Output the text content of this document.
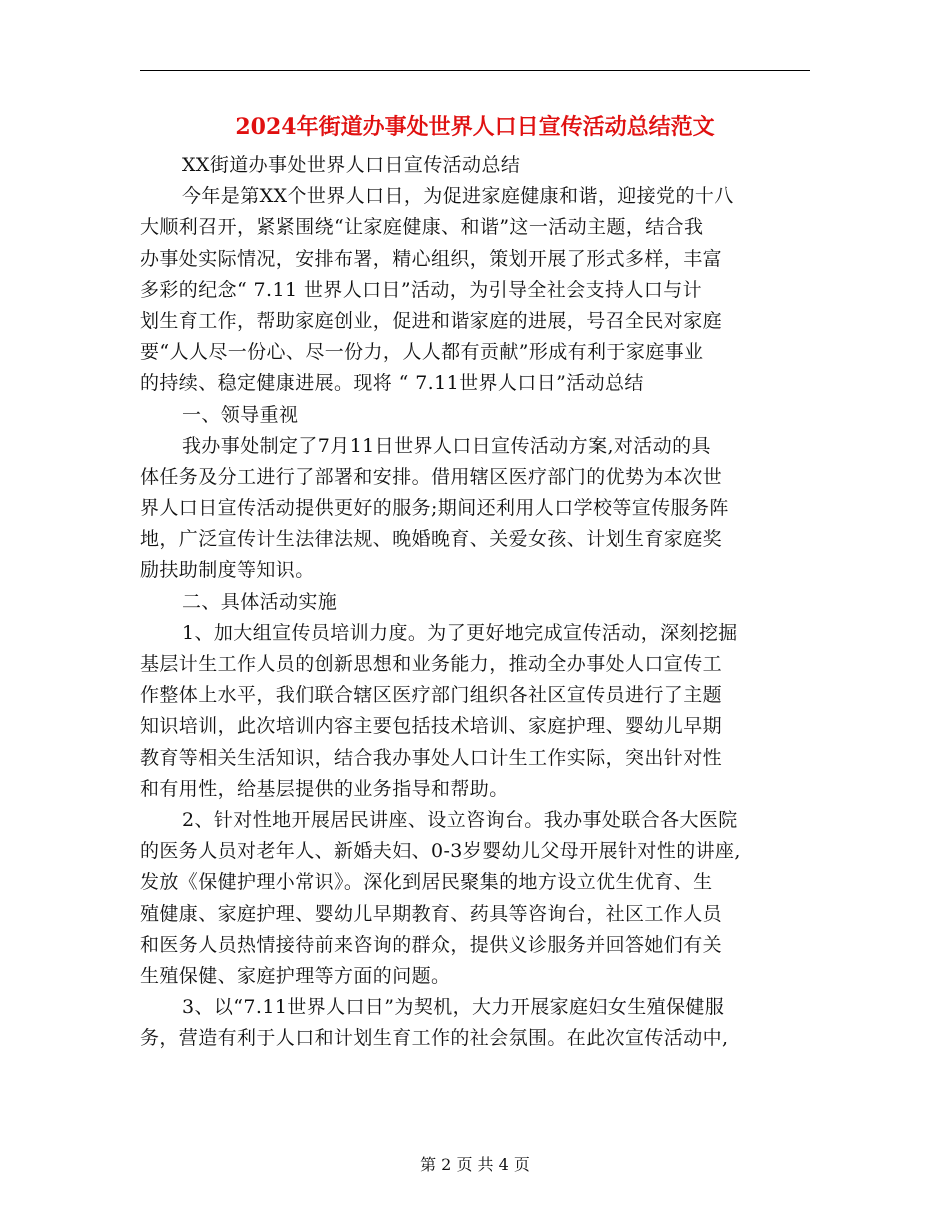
2024年街道办事处世界人口日宣传活动总结范文
XX街道办事处世界人口日宣传活动总结
今年是第XX个世界人口日，为促进家庭健康和谐，迎接党的十八
大顺利召开，紧紧围绕“让家庭健康、和谐”这一活动主题，结合我
办事处实际情况，安排布署，精心组织，策划开展了形式多样，丰富
多彩的纪念“ 7.11 世界人口日”活动，为引导全社会支持人口与计
划生育工作，帮助家庭创业，促进和谐家庭的进展，号召全民对家庭
要“人人尽一份心、尽一份力，人人都有贡献”形成有利于家庭事业
的持续、稳定健康进展。现将 “ 7.11世界人口日”活动总结
一、领导重视
我办事处制定了7月11日世界人口日宣传活动方案,对活动的具
体任务及分工进行了部署和安排。借用辖区医疗部门的优势为本次世
界人口日宣传活动提供更好的服务;期间还利用人口学校等宣传服务阵
地，广泛宣传计生法律法规、晚婚晚育、关爱女孩、计划生育家庭奖
励扶助制度等知识。
二、具体活动实施
1、加大组宣传员培训力度。为了更好地完成宣传活动，深刻挖掘
基层计生工作人员的创新思想和业务能力，推动全办事处人口宣传工
作整体上水平，我们联合辖区医疗部门组织各社区宣传员进行了主题
知识培训，此次培训内容主要包括技术培训、家庭护理、婴幼儿早期
教育等相关生活知识，结合我办事处人口计生工作实际，突出针对性
和有用性，给基层提供的业务指导和帮助。
2、针对性地开展居民讲座、设立咨询台。我办事处联合各大医院
的医务人员对老年人、新婚夫妇、0-3岁婴幼儿父母开展针对性的讲座,
发放《保健护理小常识》。深化到居民聚集的地方设立优生优育、生
殖健康、家庭护理、婴幼儿早期教育、药具等咨询台，社区工作人员
和医务人员热情接待前来咨询的群众，提供义诊服务并回答她们有关
生殖保健、家庭护理等方面的问题。
3、以“7.11世界人口日”为契机，大力开展家庭妇女生殖保健服
务，营造有利于人口和计划生育工作的社会氛围。在此次宣传活动中,
第 2 页 共 4 页
